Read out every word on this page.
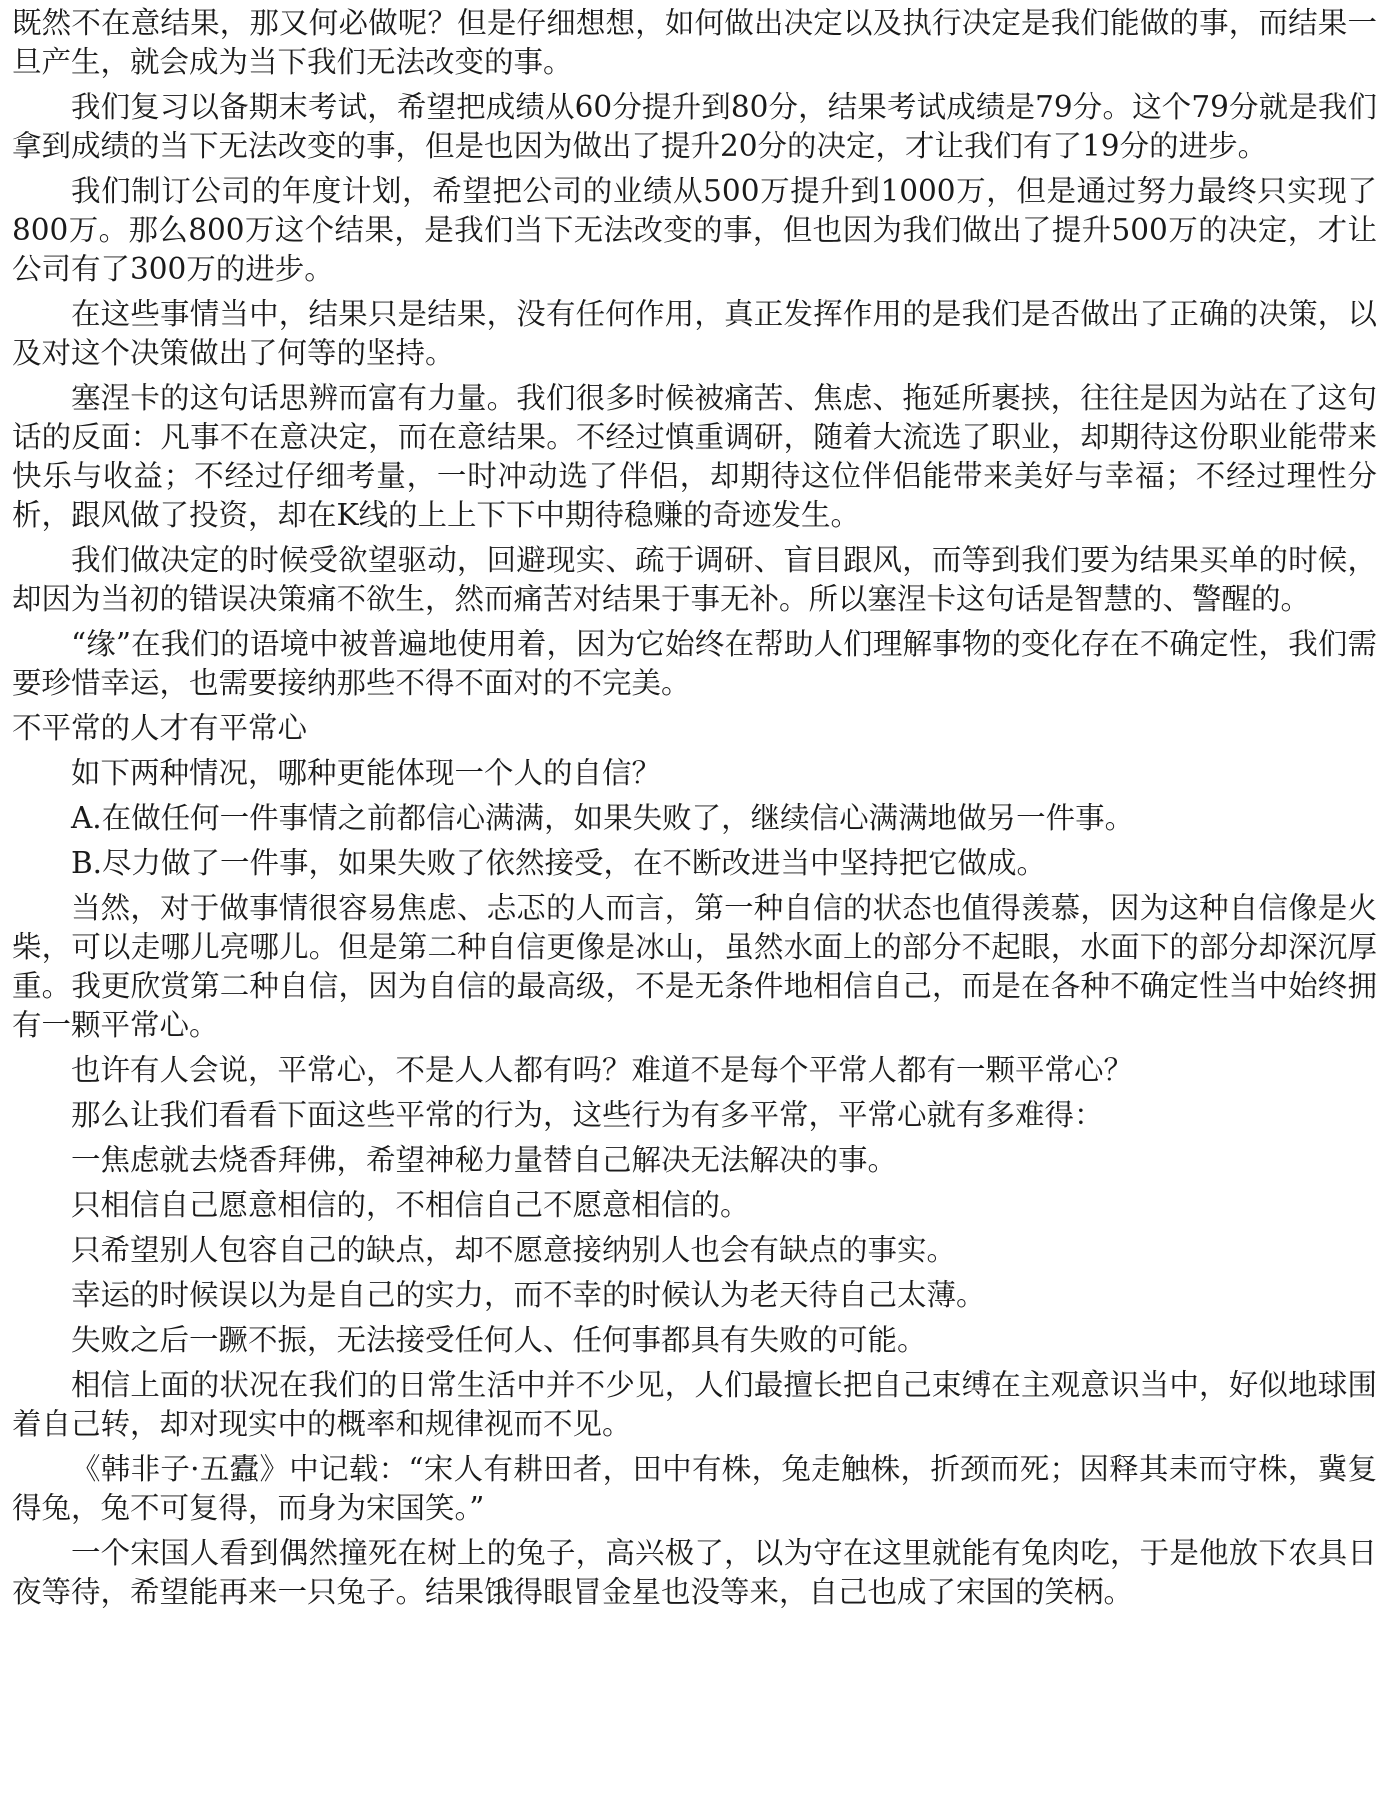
既然不在意结果，那又何必做呢？但是仔细想想，如何做出决定以及执行决定是我们能做的事，而结果一旦产生，就会成为当下我们无法改变的事。

我们复习以备期末考试，希望把成绩从60分提升到80分，结果考试成绩是79分。这个79分就是我们拿到成绩的当下无法改变的事，但是也因为做出了提升20分的决定，才让我们有了19分的进步。

我们制订公司的年度计划，希望把公司的业绩从500万提升到1000万，但是通过努力最终只实现了800万。那么800万这个结果，是我们当下无法改变的事，但也因为我们做出了提升500万的决定，才让公司有了300万的进步。

在这些事情当中，结果只是结果，没有任何作用，真正发挥作用的是我们是否做出了正确的决策，以及对这个决策做出了何等的坚持。

塞涅卡的这句话思辨而富有力量。我们很多时候被痛苦、焦虑、拖延所裹挟，往往是因为站在了这句话的反面：凡事不在意决定，而在意结果。不经过慎重调研，随着大流选了职业，却期待这份职业能带来快乐与收益；不经过仔细考量，一时冲动选了伴侣，却期待这位伴侣能带来美好与幸福；不经过理性分析，跟风做了投资，却在K线的上上下下中期待稳赚的奇迹发生。

我们做决定的时候受欲望驱动，回避现实、疏于调研、盲目跟风，而等到我们要为结果买单的时候，却因为当初的错误决策痛不欲生，然而痛苦对结果于事无补。所以塞涅卡这句话是智慧的、警醒的。

“缘”在我们的语境中被普遍地使用着，因为它始终在帮助人们理解事物的变化存在不确定性，我们需要珍惜幸运，也需要接纳那些不得不面对的不完美。

不平常的人才有平常心

如下两种情况，哪种更能体现一个人的自信？

A.在做任何一件事情之前都信心满满，如果失败了，继续信心满满地做另一件事。

B.尽力做了一件事，如果失败了依然接受，在不断改进当中坚持把它做成。

当然，对于做事情很容易焦虑、忐忑的人而言，第一种自信的状态也值得羡慕，因为这种自信像是火柴，可以走哪儿亮哪儿。但是第二种自信更像是冰山，虽然水面上的部分不起眼，水面下的部分却深沉厚重。我更欣赏第二种自信，因为自信的最高级，不是无条件地相信自己，而是在各种不确定性当中始终拥有一颗平常心。

也许有人会说，平常心，不是人人都有吗？难道不是每个平常人都有一颗平常心？

那么让我们看看下面这些平常的行为，这些行为有多平常，平常心就有多难得：

一焦虑就去烧香拜佛，希望神秘力量替自己解决无法解决的事。

只相信自己愿意相信的，不相信自己不愿意相信的。

只希望别人包容自己的缺点，却不愿意接纳别人也会有缺点的事实。

幸运的时候误以为是自己的实力，而不幸的时候认为老天待自己太薄。

失败之后一蹶不振，无法接受任何人、任何事都具有失败的可能。

相信上面的状况在我们的日常生活中并不少见，人们最擅长把自己束缚在主观意识当中，好似地球围着自己转，却对现实中的概率和规律视而不见。

《韩非子·五蠹》中记载：“宋人有耕田者，田中有株，兔走触株，折颈而死；因释其耒而守株，冀复得兔，兔不可复得，而身为宋国笑。”

一个宋国人看到偶然撞死在树上的兔子，高兴极了，以为守在这里就能有兔肉吃，于是他放下农具日夜等待，希望能再来一只兔子。结果饿得眼冒金星也没等来，自己也成了宋国的笑柄。
